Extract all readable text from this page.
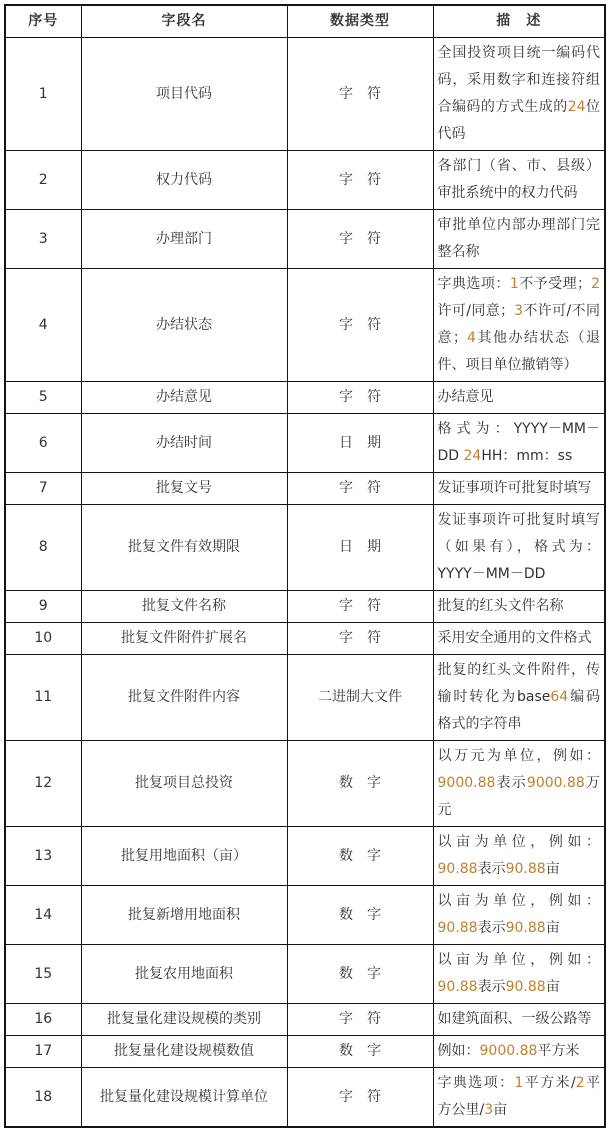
序号	字段名	数据类型	描　述
1	项目代码	字　符	全国投资项目统一编码代码，采用数字和连接符组合编码的方式生成的24位代码
2	权力代码	字　符	各部门（省、市、县级）审批系统中的权力代码
3	办理部门	字　符	审批单位内部办理部门完整名称
4	办结状态	字　符	字典选项：1不予受理；2许可/同意；3不许可/不同意；4其他办结状态（退件、项目单位撤销等）
5	办结意见	字　符	办结意见
6	办结时间	日　期	格式为：YYYY－MM－DD 24HH：mm：ss
7	批复文号	字　符	发证事项许可批复时填写
8	批复文件有效期限	日　期	发证事项许可批复时填写（如果有），格式为：YYYY－MM－DD
9	批复文件名称	字　符	批复的红头文件名称
10	批复文件附件扩展名	字　符	采用安全通用的文件格式
11	批复文件附件内容	二进制大文件	批复的红头文件附件，传输时转化为base64编码格式的字符串
12	批复项目总投资	数　字	以万元为单位，例如：9000.88表示9000.88万元
13	批复用地面积（亩）	数　字	以亩为单位，例如：90.88表示90.88亩
14	批复新增用地面积	数　字	以亩为单位，例如：90.88表示90.88亩
15	批复农用地面积	数　字	以亩为单位，例如：90.88表示90.88亩
16	批复量化建设规模的类别	字　符	如建筑面积、一级公路等
17	批复量化建设规模数值	数　字	例如：9000.88平方米
18	批复量化建设规模计算单位	字　符	字典选项：1平方米/2平方公里/3亩
